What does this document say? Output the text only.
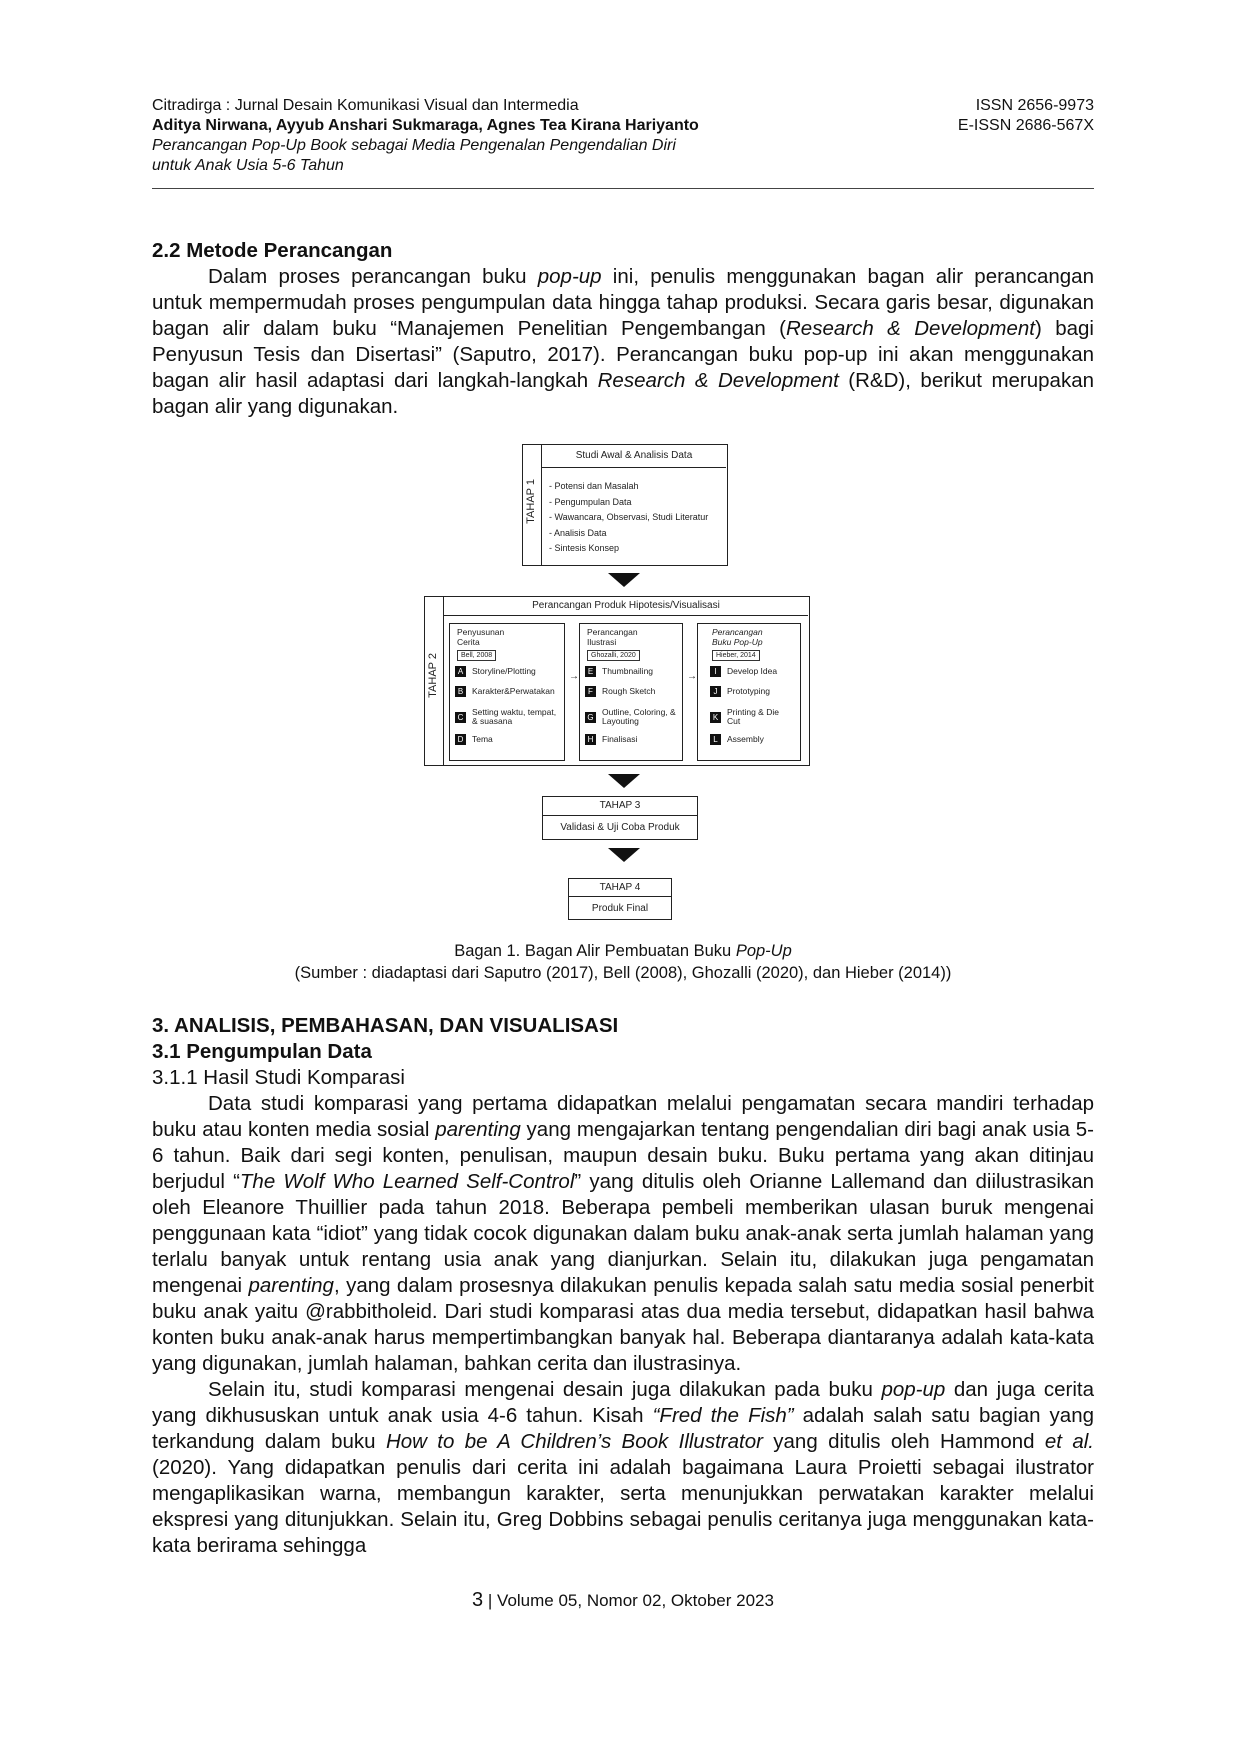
Citradirga : Jurnal Desain Komunikasi Visual dan Intermedia
Aditya Nirwana, Ayyub Anshari Sukmaraga, Agnes Tea Kirana Hariyanto
Perancangan Pop-Up Book sebagai Media Pengenalan Pengendalian Diri
untuk Anak Usia 5-6 Tahun
ISSN 2656-9973
E-ISSN 2686-567X
2.2 Metode Perancangan

Dalam proses perancangan buku pop-up ini, penulis menggunakan bagan alir perancangan untuk mempermudah proses pengumpulan data hingga tahap produksi. Secara garis besar, digunakan bagan alir dalam buku “Manajemen Penelitian Pengembangan (Research & Development) bagi Penyusun Tesis dan Disertasi” (Saputro, 2017). Perancangan buku pop-up ini akan menggunakan bagan alir hasil adaptasi dari langkah-langkah Research & Development (R&D), berikut merupakan bagan alir yang digunakan.

TAHAP 1
Studi Awal & Analisis Data
- Potensi dan Masalah
- Pengumpulan Data
- Wawancara, Observasi, Studi Literatur
- Analisis Data
- Sintesis Konsep
TAHAP 2
Perancangan Produk Hipotesis/Visualisasi
Penyusunan
Cerita
Bell, 2008
A	Storyline/Plotting
B	Karakter&Perwatakan
C	Setting waktu, tempat, & suasana
D	Tema
→
Perancangan
Ilustrasi
Ghozalli, 2020
E	Thumbnailing
F	Rough Sketch
G Outline, Coloring, & Layouting
H	Finalisasi
→
Perancangan
Buku Pop-Up
Hieber, 2014
I	Develop Idea
J	Prototyping
K	Printing & Die Cut
L	Assembly
TAHAP 3
Validasi & Uji Coba Produk
TAHAP 4
Produk Final
Bagan 1. Bagan Alir Pembuatan Buku Pop-Up
(Sumber : diadaptasi dari Saputro (2017), Bell (2008), Ghozalli (2020), dan Hieber (2014))
3. ANALISIS, PEMBAHASAN, DAN VISUALISASI
3.1 Pengumpulan Data
3.1.1 Hasil Studi Komparasi

Data studi komparasi yang pertama didapatkan melalui pengamatan secara mandiri terhadap buku atau konten media sosial parenting yang mengajarkan tentang pengendalian diri bagi anak usia 5-6 tahun. Baik dari segi konten, penulisan, maupun desain buku. Buku pertama yang akan ditinjau berjudul “The Wolf Who Learned Self-Control” yang ditulis oleh Orianne Lallemand dan diilustrasikan oleh Eleanore Thuillier pada tahun 2018. Beberapa pembeli memberikan ulasan buruk mengenai penggunaan kata “idiot” yang tidak cocok digunakan dalam buku anak-anak serta jumlah halaman yang terlalu banyak untuk rentang usia anak yang dianjurkan. Selain itu, dilakukan juga pengamatan mengenai parenting, yang dalam prosesnya dilakukan penulis kepada salah satu media sosial penerbit buku anak yaitu @rabbitholeid. Dari studi komparasi atas dua media tersebut, didapatkan hasil bahwa konten buku anak-anak harus mempertimbangkan banyak hal. Beberapa diantaranya adalah kata-kata yang digunakan, jumlah halaman, bahkan cerita dan ilustrasinya.

Selain itu, studi komparasi mengenai desain juga dilakukan pada buku pop-up dan juga cerita yang dikhususkan untuk anak usia 4-6 tahun. Kisah “Fred the Fish” adalah salah satu bagian yang terkandung dalam buku How to be A Children’s Book Illustrator yang ditulis oleh Hammond et al. (2020). Yang didapatkan penulis dari cerita ini adalah bagaimana Laura Proietti sebagai ilustrator mengaplikasikan warna, membangun karakter, serta menunjukkan perwatakan karakter melalui ekspresi yang ditunjukkan. Selain itu, Greg Dobbins sebagai penulis ceritanya juga menggunakan kata-kata berirama sehingga

3 | Volume 05, Nomor 02, Oktober 2023
